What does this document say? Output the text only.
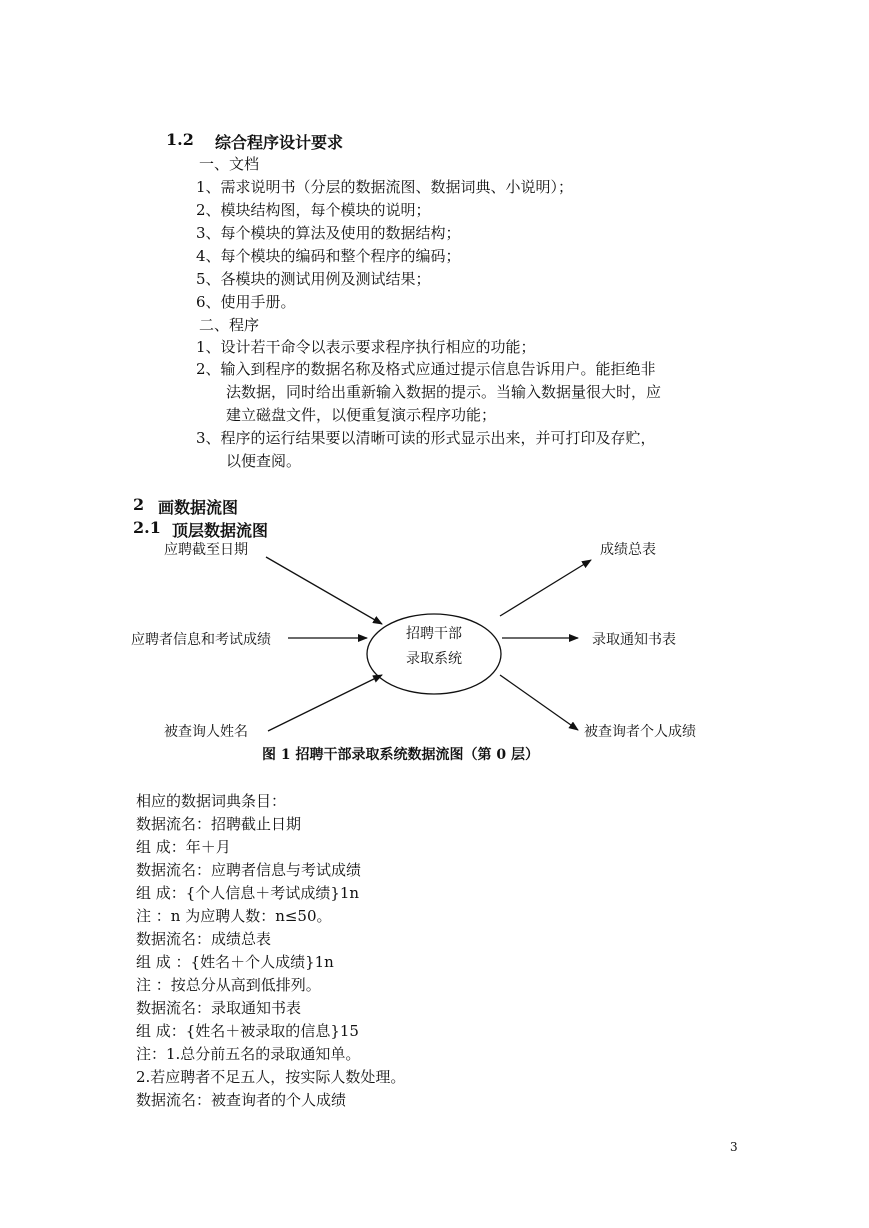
1.2 综合程序设计要求
一、文档
1、需求说明书（分层的数据流图、数据词典、小说明）；
2、模块结构图，每个模块的说明；
3、每个模块的算法及使用的数据结构；
4、每个模块的编码和整个程序的编码；
5、各模块的测试用例及测试结果；
6、使用手册。
二、程序
1、设计若干命令以表示要求程序执行相应的功能；
2、输入到程序的数据名称及格式应通过提示信息告诉用户。能拒绝非
法数据，同时给出重新输入数据的提示。当输入数据量很大时，应
建立磁盘文件，以便重复演示程序功能；
3、程序的运行结果要以清晰可读的形式显示出来，并可打印及存贮，
以便查阅。
2 画数据流图
2.1 顶层数据流图
招聘干部
录取系统
应聘截至日期
应聘者信息和考试成绩
被查询人姓名
成绩总表
录取通知书表
被查询者个人成绩
图 1 招聘干部录取系统数据流图（第 0 层）
相应的数据词典条目：
数据流名：招聘截止日期
组 成：年＋月
数据流名：应聘者信息与考试成绩
组 成：{个人信息＋考试成绩}1n
注 ：n 为应聘人数：n≤50。
数据流名：成绩总表
组 成 ：{姓名＋个人成绩}1n
注 ：按总分从高到低排列。
数据流名：录取通知书表
组 成：{姓名＋被录取的信息}15
注：1.总分前五名的录取通知单。
2.若应聘者不足五人，按实际人数处理。
数据流名：被查询者的个人成绩
3
